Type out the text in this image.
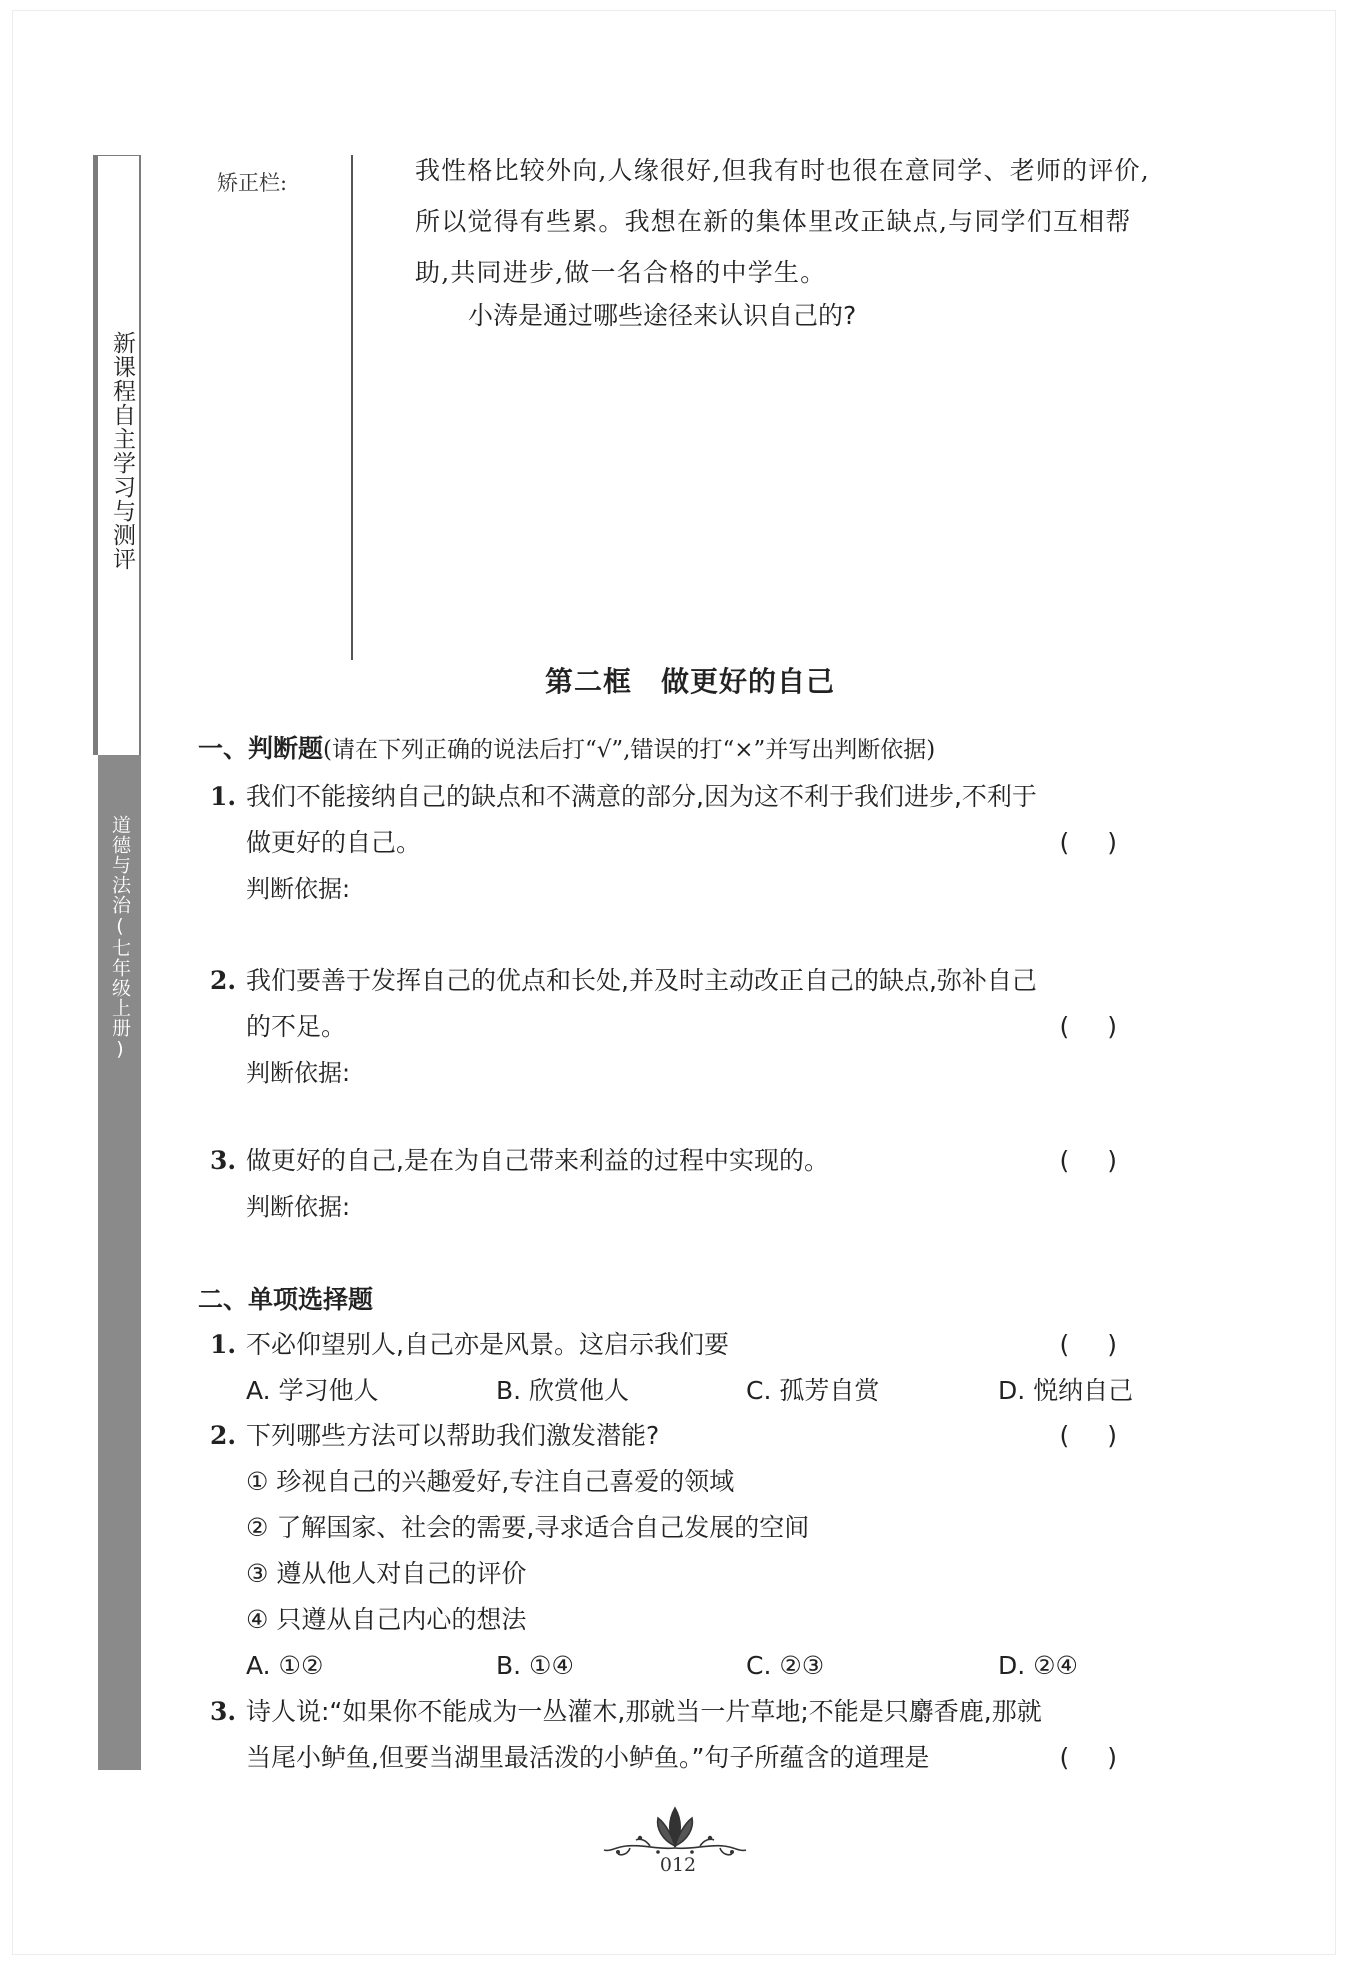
新课程自主学习与测评
道德与法治(七年级上册)
矫正栏:	我性格比较外向,人缘很好,但我有时也很在意同学、老师的评价,所以觉得有些累。我想在新的集体里改正缺点,与同学们互相帮助,共同进步,做一名合格的中学生。

小涛是通过哪些途径来认识自己的?
第二框　做更好的自己
一、判断题(请在下列正确的说法后打“√”,错误的打“×”并写出判断依据)
1. 我们不能接纳自己的缺点和不满意的部分,因为这不利于我们进步,不利于
做更好的自己。	()
判断依据:
2. 我们要善于发挥自己的优点和长处,并及时主动改正自己的缺点,弥补自己
的不足。	()
判断依据:
3. 做更好的自己,是在为自己带来利益的过程中实现的。	()
判断依据:
二、单项选择题
1. 不必仰望别人,自己亦是风景。这启示我们要	()
A. 学习他人	B. 欣赏他人	C. 孤芳自赏	D. 悦纳自己
2. 下列哪些方法可以帮助我们激发潜能?	()
① 珍视自己的兴趣爱好,专注自己喜爱的领域
② 了解国家、社会的需要,寻求适合自己发展的空间
③ 遵从他人对自己的评价
④ 只遵从自己内心的想法
A. ①②	B. ①④	C. ②③	D. ②④
3. 诗人说:“如果你不能成为一丛灌木,那就当一片草地;不能是只麝香鹿,那就
当尾小鲈鱼,但要当湖里最活泼的小鲈鱼。”句子所蕴含的道理是	()
012
